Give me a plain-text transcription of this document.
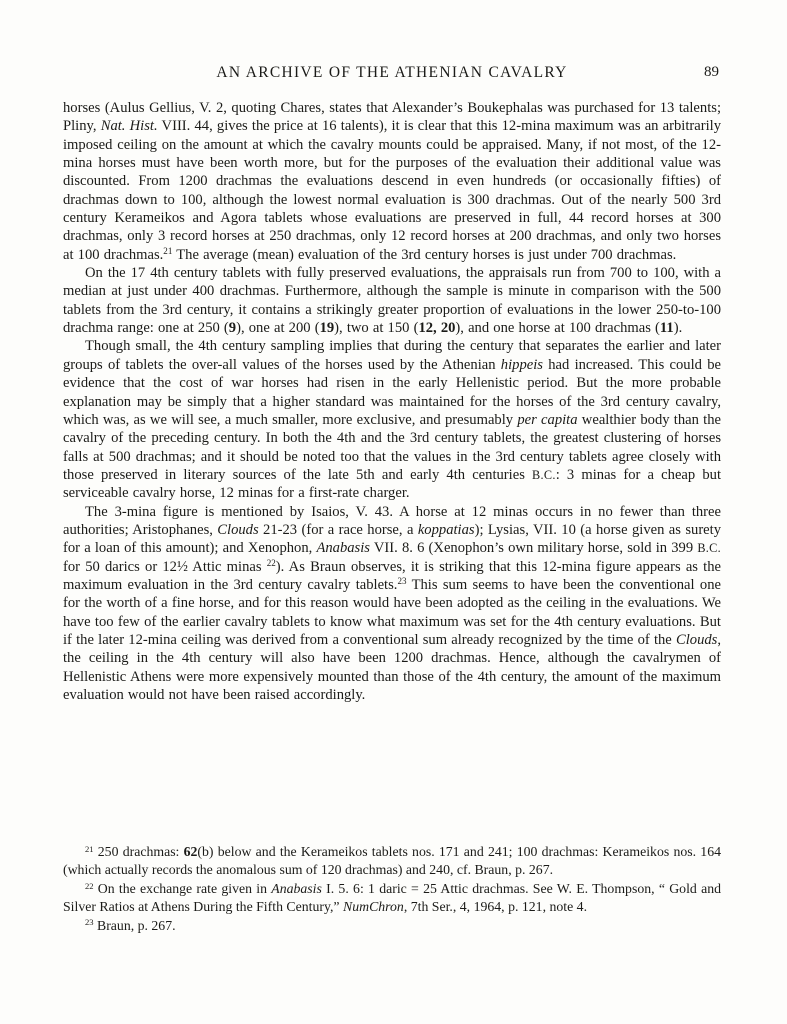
AN ARCHIVE OF THE ATHENIAN CAVALRY	89

horses (Aulus Gellius, V. 2, quoting Chares, states that Alexander’s Boukephalas was purchased for 13 talents; Pliny, Nat. Hist. VIII. 44, gives the price at 16 talents), it is clear that this 12-mina maximum was an arbitrarily imposed ceiling on the amount at which the cavalry mounts could be appraised. Many, if not most, of the 12-mina horses must have been worth more, but for the purposes of the evaluation their additional value was discounted. From 1200 drachmas the evaluations descend in even hundreds (or occasionally fifties) of drachmas down to 100, although the lowest normal evaluation is 300 drachmas. Out of the nearly 500 3rd century Kerameikos and Agora tablets whose evaluations are preserved in full, 44 record horses at 300 drachmas, only 3 record horses at 250 drachmas, only 12 record horses at 200 drachmas, and only two horses at 100 drachmas.$^{21}$ The average (mean) evaluation of the 3rd century horses is just under 700 drachmas.

On the 17 4th century tablets with fully preserved evaluations, the appraisals run from 700 to 100, with a median at just under 400 drachmas. Furthermore, although the sample is minute in comparison with the 500 tablets from the 3rd century, it contains a strikingly greater proportion of evaluations in the lower 250-to-100 drachma range: one at 250 (9), one at 200 (19), two at 150 (12, 20), and one horse at 100 drachmas (11).

Though small, the 4th century sampling implies that during the century that separates the earlier and later groups of tablets the over-all values of the horses used by the Athenian hippeis had increased. This could be evidence that the cost of war horses had risen in the early Hellenistic period. But the more probable explanation may be simply that a higher standard was maintained for the horses of the 3rd century cavalry, which was, as we will see, a much smaller, more exclusive, and presumably per capita wealthier body than the cavalry of the preceding century. In both the 4th and the 3rd century tablets, the greatest clustering of horses falls at 500 drachmas; and it should be noted too that the values in the 3rd century tablets agree closely with those preserved in literary sources of the late 5th and early 4th centuries B.C.: 3 minas for a cheap but serviceable cavalry horse, 12 minas for a first-rate charger.

The 3-mina figure is mentioned by Isaios, V. 43. A horse at 12 minas occurs in no fewer than three authorities; Aristophanes, Clouds 21-23 (for a race horse, a koppatias); Lysias, VII. 10 (a horse given as surety for a loan of this amount); and Xenophon, Anabasis VII. 8. 6 (Xenophon’s own military horse, sold in 399 B.C. for 50 darics or 12½ Attic minas $^{22}$). As Braun observes, it is striking that this 12-mina figure appears as the maximum evaluation in the 3rd century cavalry tablets.$^{23}$ This sum seems to have been the conventional one for the worth of a fine horse, and for this reason would have been adopted as the ceiling in the evaluations. We have too few of the earlier cavalry tablets to know what maximum was set for the 4th century evaluations. But if the later 12-mina ceiling was derived from a conventional sum already recognized by the time of the Clouds, the ceiling in the 4th century will also have been 1200 drachmas. Hence, although the cavalrymen of Hellenistic Athens were more expensively mounted than those of the 4th century, the amount of the maximum evaluation would not have been raised accordingly.

$^{21}$ 250 drachmas: 62(b) below and the Kerameikos tablets nos. 171 and 241; 100 drachmas: Kerameikos nos. 164 (which actually records the anomalous sum of 120 drachmas) and 240, cf. Braun, p. 267.

$^{22}$ On the exchange rate given in Anabasis I. 5. 6: 1 daric = 25 Attic drachmas. See W. E. Thompson, “ Gold and Silver Ratios at Athens During the Fifth Century,” NumChron, 7th Ser., 4, 1964, p. 121, note 4.

$^{23}$ Braun, p. 267.
